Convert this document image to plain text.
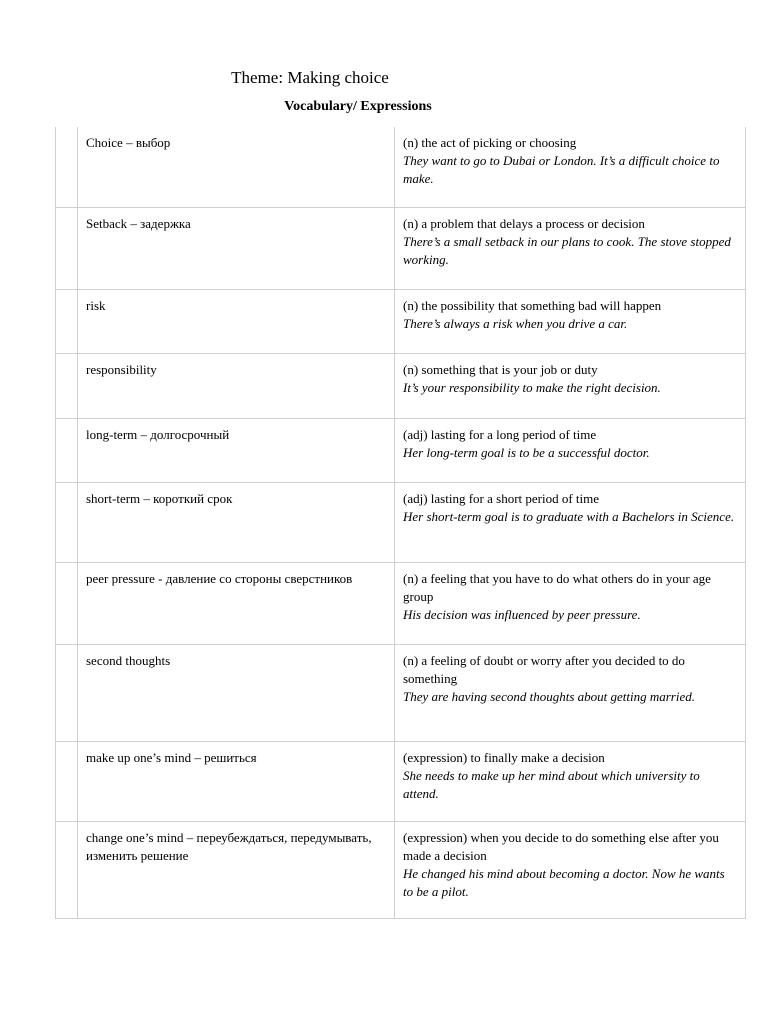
Theme: Making choice
Vocabulary/ Expressions
	Choice – выбор	(n) the act of picking or choosing
They want to go to Dubai or London. It’s a difficult choice to make.

	Setback – задержка	(n) a problem that delays a process or decision
There’s a small setback in our plans to cook. The stove stopped working.

	risk	(n) the possibility that something bad will happen
There’s always a risk when you drive a car.

	responsibility	(n) something that is your job or duty
It’s your responsibility to make the right decision.

	long-term – долгосрочный	(adj) lasting for a long period of time
Her long-term goal is to be a successful doctor.

	short-term – короткий срок	(adj) lasting for a short period of time
Her short-term goal is to graduate with a Bachelors in Science.

	peer pressure - давление со стороны сверстников	(n) a feeling that you have to do what others do in your age group
His decision was influenced by peer pressure.

	second thoughts	(n) a feeling of doubt or worry after you decided to do something
They are having second thoughts about getting married.

	make up one’s mind – решиться	(expression) to finally make a decision
She needs to make up her mind about which university to attend.

	change one’s mind – переубеждаться, передумывать, изменить решение	(expression) when you decide to do something else after you made a decision
He changed his mind about becoming a doctor. Now he wants to be a pilot.
